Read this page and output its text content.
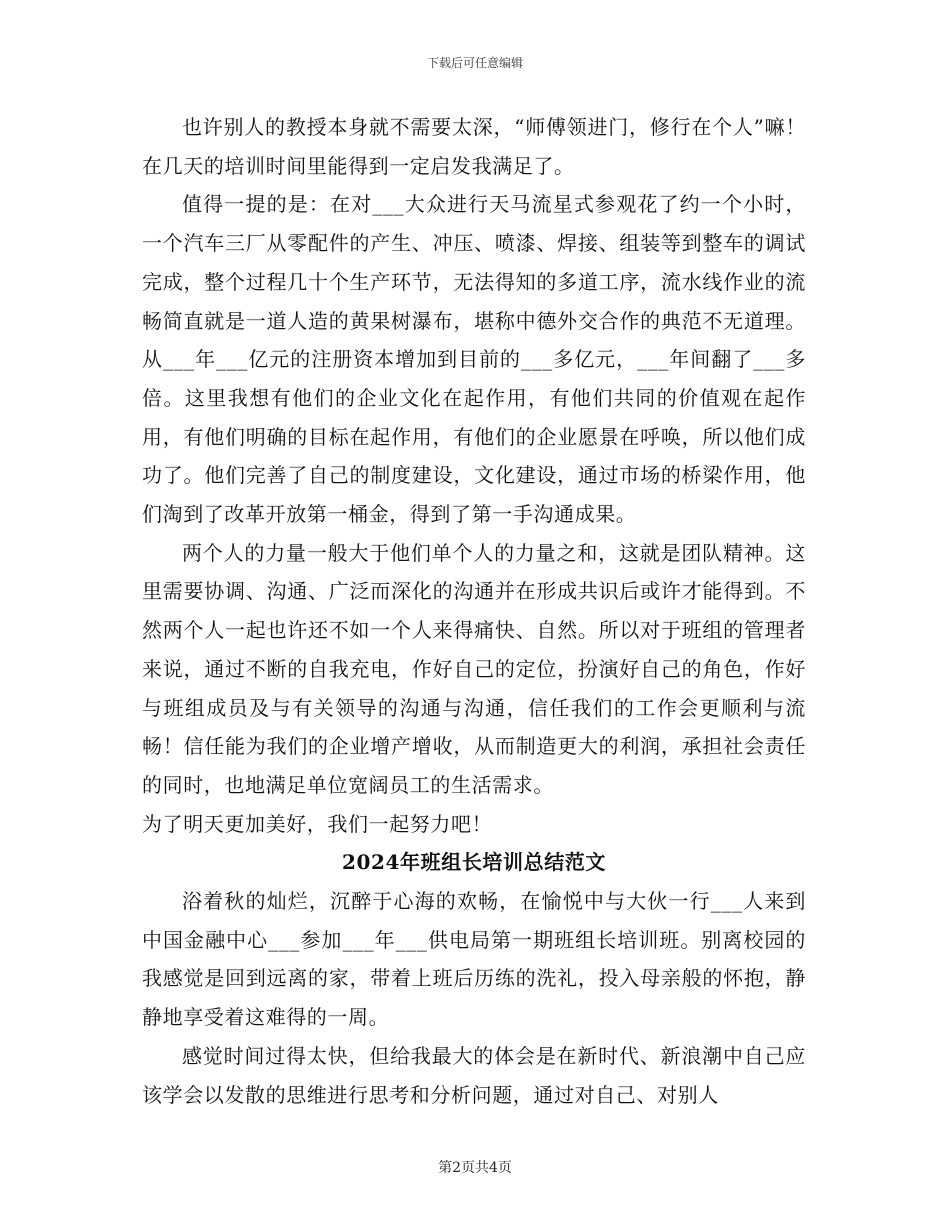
下载后可任意编辑

也许别人的教授本身就不需要太深，“师傅领进门，修行在个人”嘛！在几天的培训时间里能得到一定启发我满足了。

值得一提的是：在对___大众进行天马流星式参观花了约一个小时，一个汽车三厂从零配件的产生、冲压、喷漆、焊接、组装等到整车的调试完成，整个过程几十个生产环节，无法得知的多道工序，流水线作业的流畅简直就是一道人造的黄果树瀑布，堪称中德外交合作的典范不无道理。从___年___亿元的注册资本增加到目前的___多亿元，___年间翻了___多倍。这里我想有他们的企业文化在起作用，有他们共同的价值观在起作用，有他们明确的目标在起作用，有他们的企业愿景在呼唤，所以他们成功了。他们完善了自己的制度建设，文化建设，通过市场的桥梁作用，他们淘到了改革开放第一桶金，得到了第一手沟通成果。

两个人的力量一般大于他们单个人的力量之和，这就是团队精神。这里需要协调、沟通、广泛而深化的沟通并在形成共识后或许才能得到。不然两个人一起也许还不如一个人来得痛快、自然。所以对于班组的管理者来说，通过不断的自我充电，作好自己的定位，扮演好自己的角色，作好与班组成员及与有关领导的沟通与沟通，信任我们的工作会更顺利与流畅！信任能为我们的企业增产增收，从而制造更大的利润，承担社会责任的同时，也地满足单位宽阔员工的生活需求。

为了明天更加美好，我们一起努力吧！

2024年班组长培训总结范文

浴着秋的灿烂，沉醉于心海的欢畅，在愉悦中与大伙一行___人来到中国金融中心___参加___年___供电局第一期班组长培训班。别离校园的我感觉是回到远离的家，带着上班后历练的洗礼，投入母亲般的怀抱，静静地享受着这难得的一周。

感觉时间过得太快，但给我最大的体会是在新时代、新浪潮中自己应该学会以发散的思维进行思考和分析问题，通过对自己、对别人

第2页共4页
